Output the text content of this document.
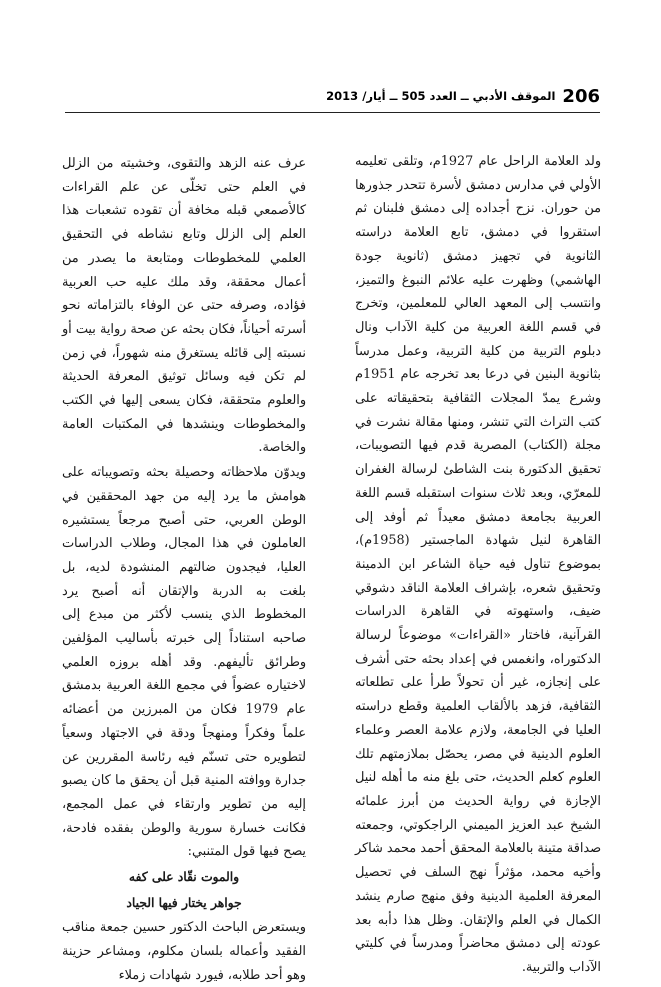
206
الموقف الأدبي ــ العدد 505 ــ أيار/ 2013

ولد العلامة الراحل عام 1927م، وتلقى تعليمه الأولي في مدارس دمشق لأسرة تتحدر جذورها من حوران. نزح أجداده إلى دمشق فلبنان ثم استقروا في دمشق، تابع العلامة دراسته الثانوية في تجهيز دمشق (ثانوية جودة الهاشمي) وظهرت عليه علائم النبوغ والتميز، وانتسب إلى المعهد العالي للمعلمين، وتخرج في قسم اللغة العربية من كلية الآداب ونال دبلوم التربية من كلية التربية، وعمل مدرساً بثانوية البنين في درعا بعد تخرجه عام 1951م وشرع يمدّ المجلات الثقافية بتحقيقاته على كتب التراث التي تنشر، ومنها مقالة نشرت في مجلة (الكتاب) المصرية قدم فيها التصويبات، تحقيق الدكتورة بنت الشاطئ لرسالة الغفران للمعرّي، وبعد ثلاث سنوات استقبله قسم اللغة العربية بجامعة دمشق معيداً ثم أوفد إلى القاهرة لنيل شهادة الماجستير (1958م)، بموضوع تناول فيه حياة الشاعر ابن الدمينة وتحقيق شعره، بإشراف العلامة الناقد دشوقي ضيف، واستهوته في القاهرة الدراسات القرآنية، فاختار «القراءات» موضوعاً لرسالة الدكتوراه، وانغمس في إعداد بحثه حتى أشرف على إنجازه، غير أن تحولاً طرأ على تطلعاته الثقافية، فزهد بالألقاب العلمية وقطع دراسته العليا في الجامعة، ولازم علامة العصر وعلماء العلوم الدينية في مصر، يحصّل بملازمتهم تلك العلوم كعلم الحديث، حتى بلغ منه ما أهله لنيل الإجازة في رواية الحديث من أبرز علمائه الشيخ عبد العزيز الميمني الراجكوتي، وجمعته صداقة متينة بالعلامة المحقق أحمد محمد شاكر وأخيه محمد، مؤثراً نهج السلف في تحصيل المعرفة العلمية الدينية وفق منهج صارم ينشد الكمال في العلم والإتقان. وظل هذا دأبه بعد عودته إلى دمشق محاضراً ومدرساً في كليتي الآداب والتربية.

عرف عنه الزهد والتقوى، وخشيته من الزلل في العلم حتى تخلّى عن علم القراءات كالأصمعي قبله مخافة أن تقوده تشعبات هذا العلم إلى الزلل وتابع نشاطه في التحقيق العلمي للمخطوطات ومتابعة ما يصدر من أعمال محققة، وقد ملك عليه حب العربية فؤاده، وصرفه حتى عن الوفاء بالتزاماته نحو أسرته أحياناً، فكان بحثه عن صحة رواية بيت أو نسبته إلى قائله يستغرق منه شهوراً، في زمن لم تكن فيه وسائل توثيق المعرفة الحديثة والعلوم متحققة، فكان يسعى إليها في الكتب والمخطوطات وينشدها في المكتبات العامة والخاصة.

ويدوّن ملاحظاته وحصيلة بحثه وتصويباته على هوامش ما يرد إليه من جهد المحققين في الوطن العربي، حتى أصبح مرجعاً يستشيره العاملون في هذا المجال، وطلاب الدراسات العليا، فيجدون ضالتهم المنشودة لديه، بل بلغت به الدربة والإتقان أنه أصبح يرد المخطوط الذي ينسب لأكثر من مبدع إلى صاحبه استناداً إلى خبرته بأساليب المؤلفين وطرائق تأليفهم. وقد أهله بروزه العلمي لاختياره عضواً في مجمع اللغة العربية بدمشق عام 1979 فكان من المبرزين من أعضائه علماً وفكراً ومنهجاً ودقة في الاجتهاد وسعياً لتطويره حتى تسنّم فيه رئاسة المقررين عن جدارة ووافته المنية قبل أن يحقق ما كان يصبو إليه من تطوير وارتقاء في عمل المجمع، فكانت خسارة سورية والوطن بفقده فادحة، يصح فيها قول المتنبي:

والموت نقّاد على كفه

جواهر يختار فيها الجياد

ويستعرض الباحث الدكتور حسين جمعة مناقب الفقيد وأعماله بلسان مكلوم، ومشاعر حزينة وهو أحد طلابه، فيورد شهادات زملاء
